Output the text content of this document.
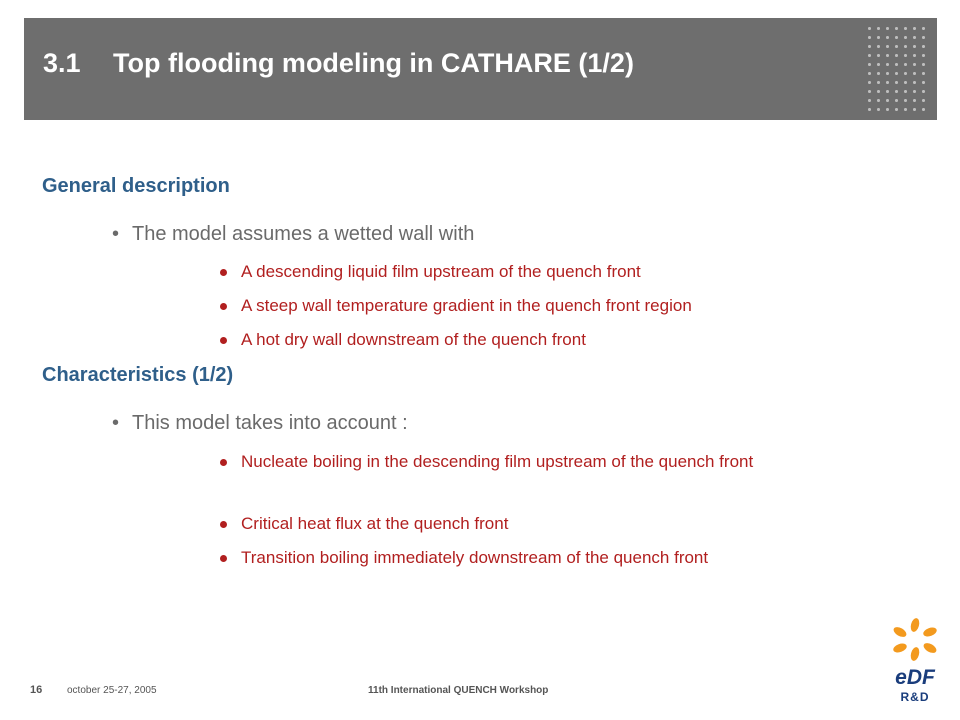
3.1 Top flooding modeling in CATHARE (1/2)
General description
• The model assumes a wetted wall with
A descending liquid film upstream of the quench front
A steep wall temperature gradient in the quench front region
A hot dry wall downstream of the quench front
Characteristics (1/2)
• This model takes into account :
Nucleate boiling in the descending film upstream of the quench front
Critical heat flux at the quench front
Transition boiling immediately downstream of the quench front
16 october 25-27, 2005	11th International QUENCH Workshop
eDF
R&D
